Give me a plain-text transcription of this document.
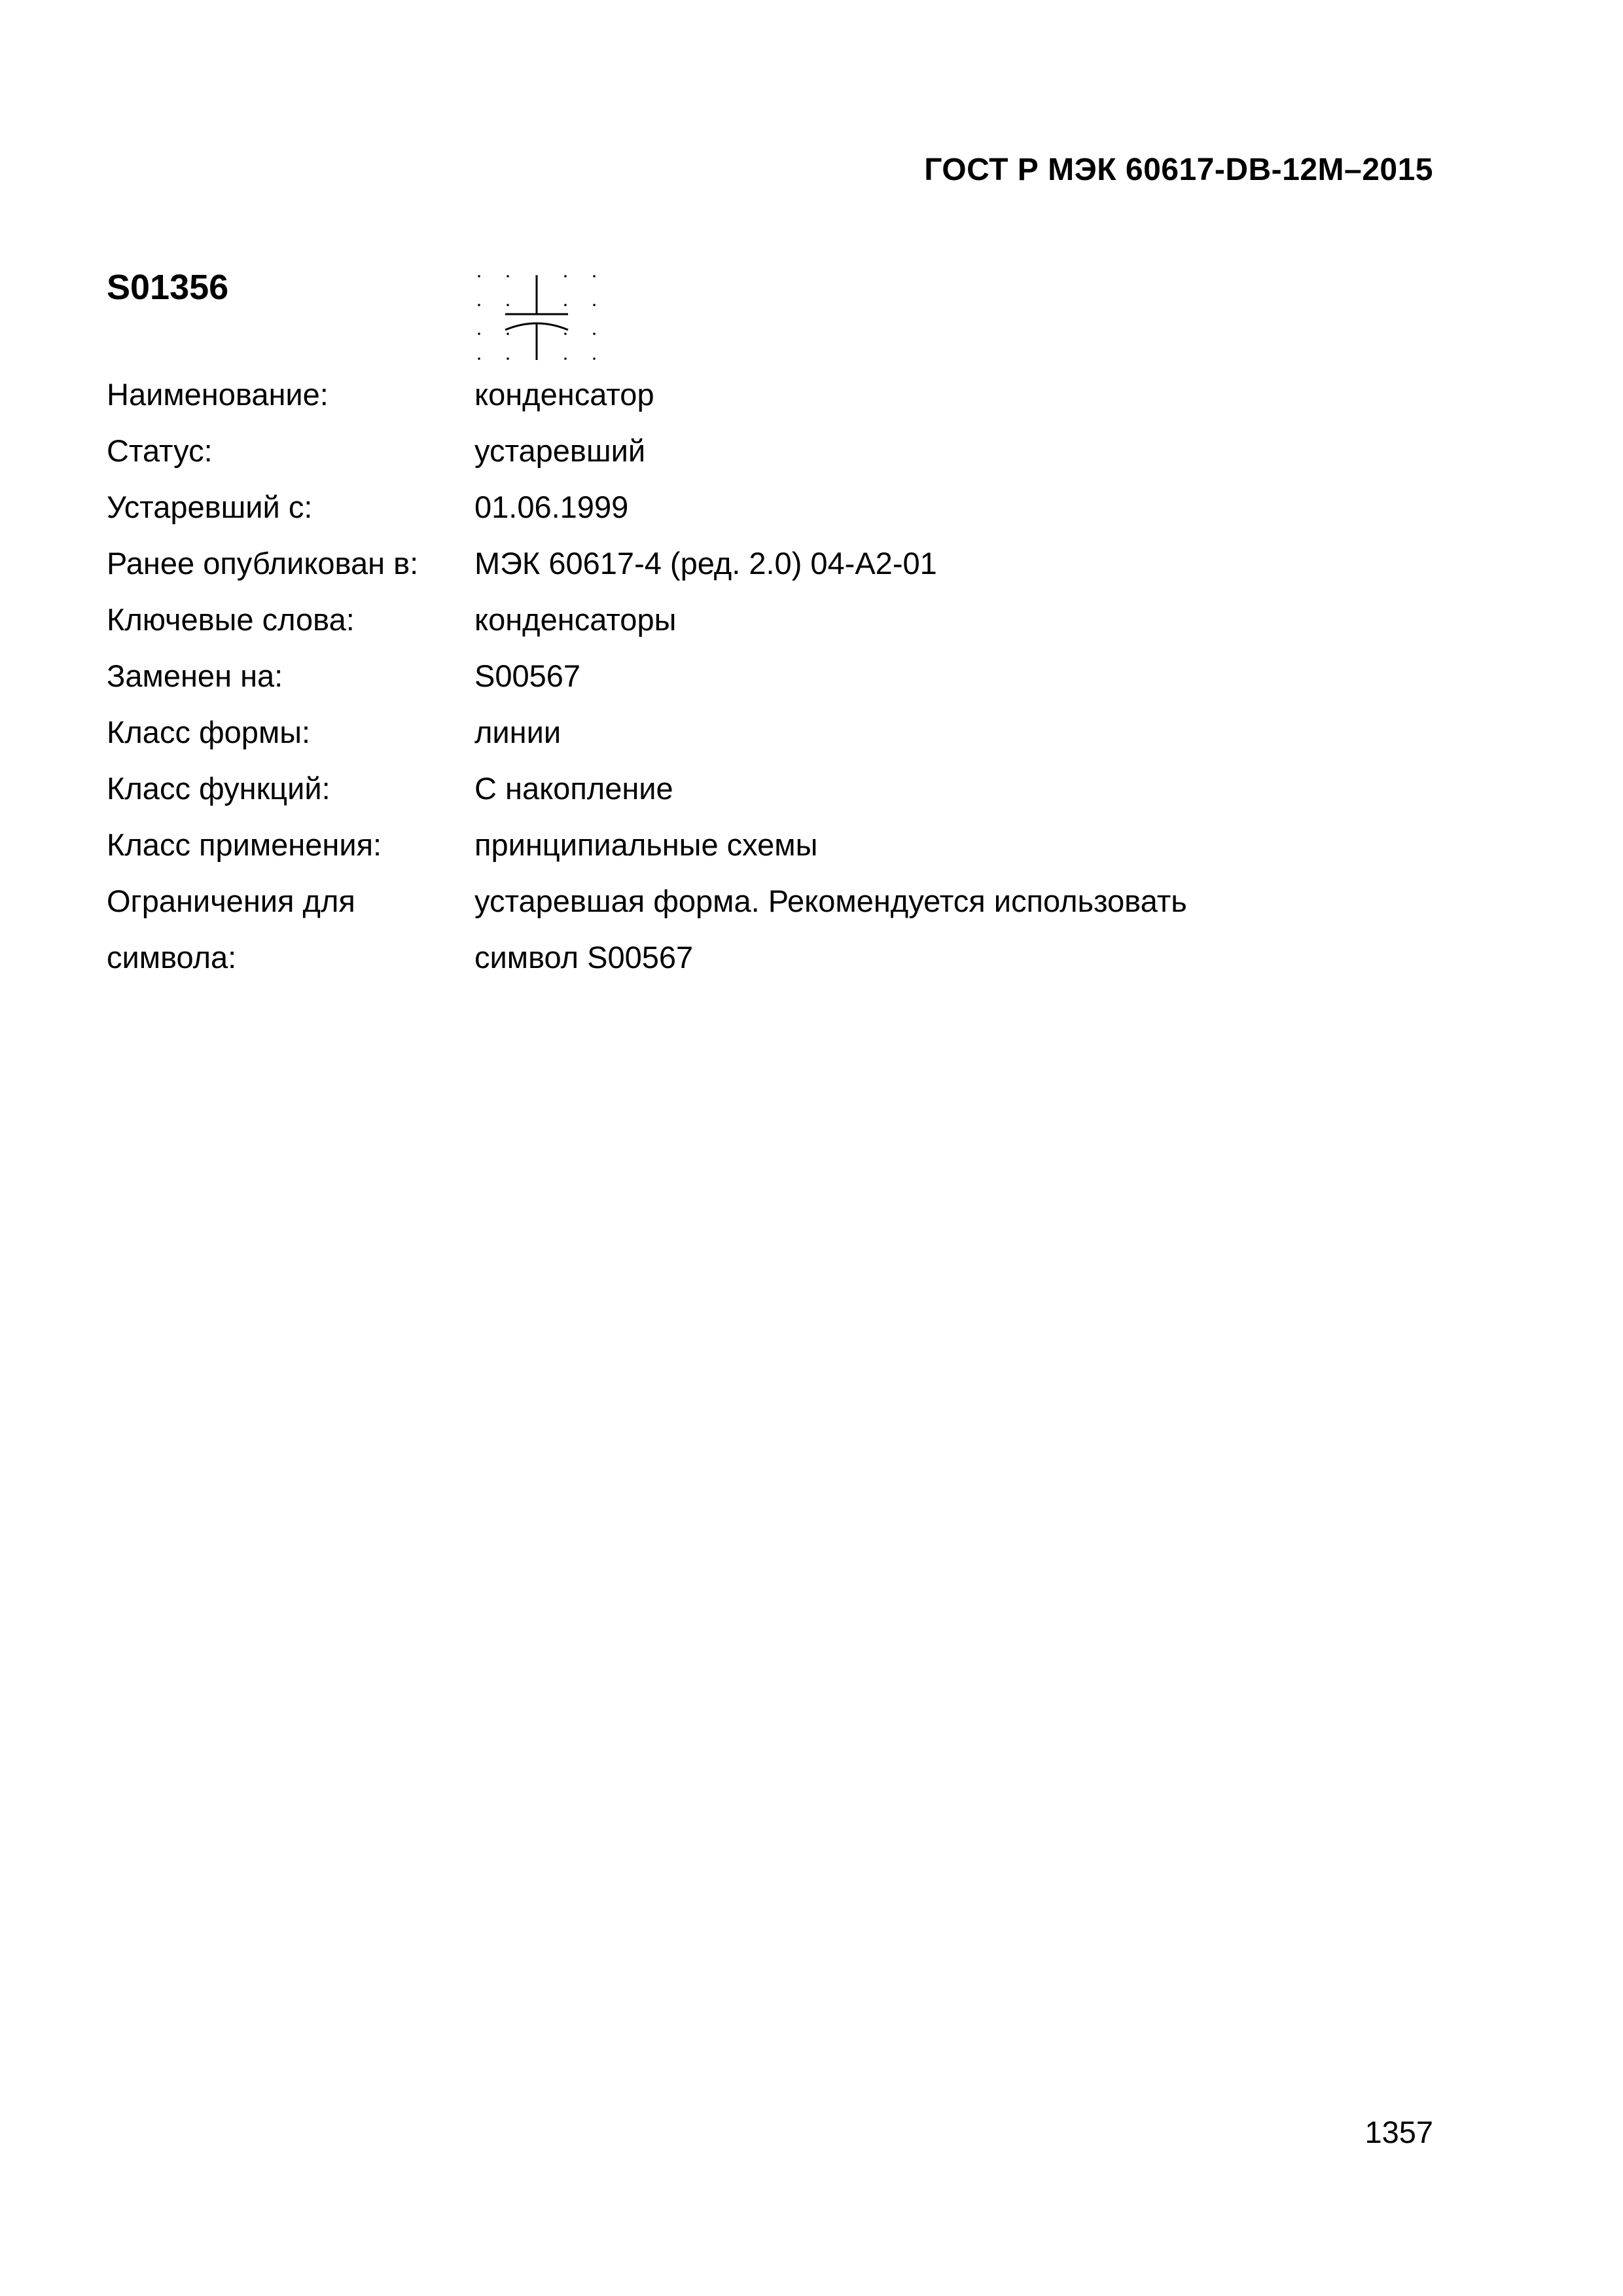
ГОСТ Р МЭК 60617-DB-12M–2015
S01356
Наименование:	конденсатор
Статус:	устаревший
Устаревший с:	01.06.1999
Ранее опубликован в:	МЭК 60617-4 (ред. 2.0) 04-A2-01
Ключевые слова:	конденсаторы
Заменен на:	S00567
Класс формы:	линии
Класс функций:	C накопление
Класс применения:	принципиальные схемы
Ограничения для	устаревшая форма. Рекомендуется использовать
символа:	символ S00567
1357
